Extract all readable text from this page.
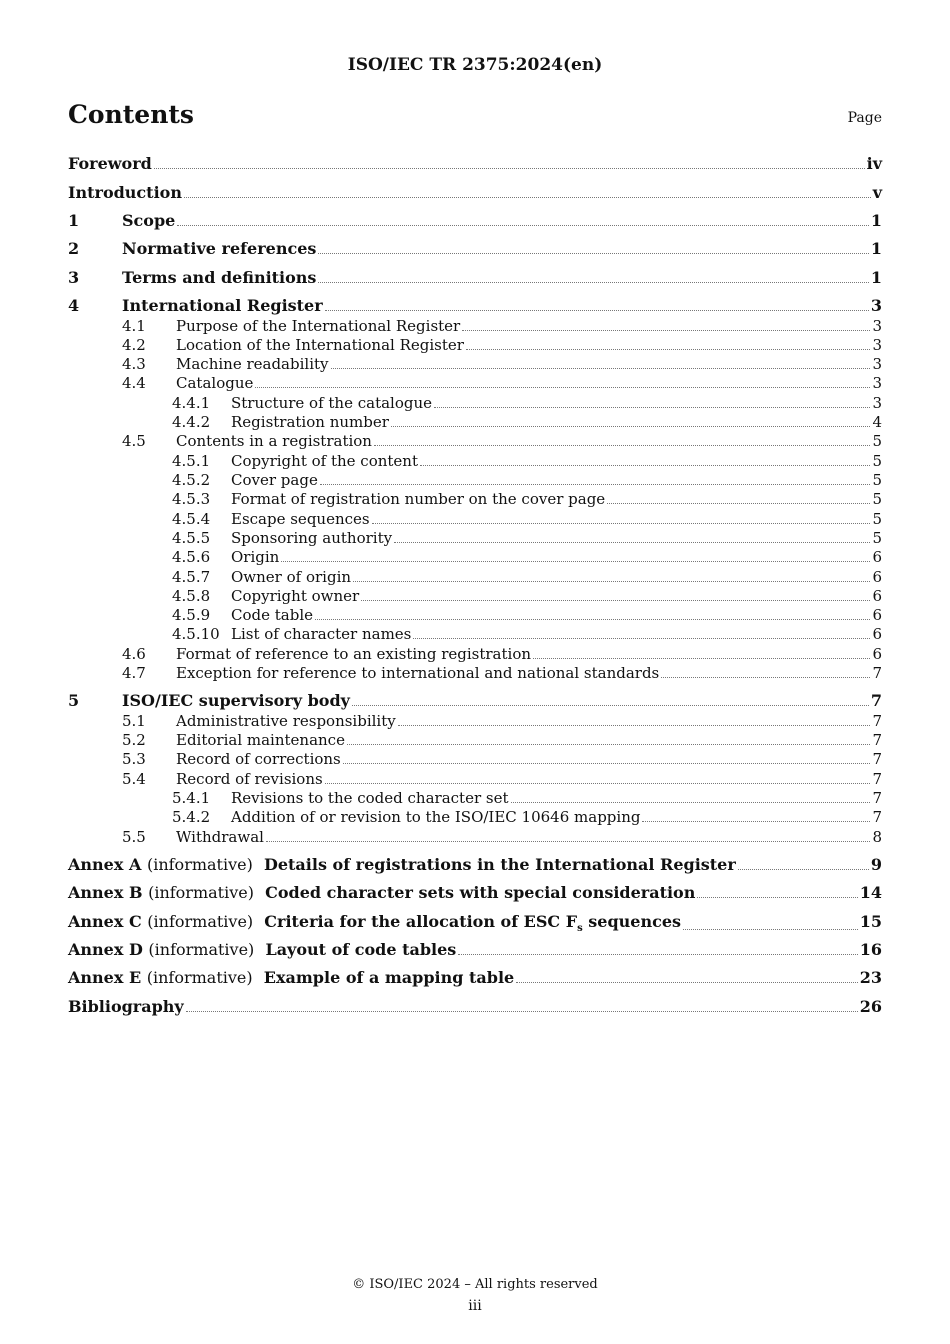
ISO/IEC TR 2375:2024(en)
Contents	Page
Foreword	iv
Introduction	v
1	Scope	1
2	Normative references	1
3	Terms and definitions	1
4	International Register	3
4.1	Purpose of the International Register	3
4.2	Location of the International Register	3
4.3	Machine readability	3
4.4	Catalogue	3
4.4.1	Structure of the catalogue	3
4.4.2	Registration number	4
4.5	Contents in a registration	5
4.5.1	Copyright of the content	5
4.5.2	Cover page	5
4.5.3	Format of registration number on the cover page	5
4.5.4	Escape sequences	5
4.5.5	Sponsoring authority	5
4.5.6	Origin	6
4.5.7	Owner of origin	6
4.5.8	Copyright owner	6
4.5.9	Code table	6
4.5.10 List of character names	6
4.6	Format of reference to an existing registration	6
4.7	Exception for reference to international and national standards	7
5	ISO/IEC supervisory body	7
5.1	Administrative responsibility	7
5.2	Editorial maintenance	7
5.3	Record of corrections	7
5.4	Record of revisions	7
5.4.1	Revisions to the coded character set	7
5.4.2	Addition of or revision to the ISO/IEC 10646 mapping	7
5.5	Withdrawal	8
Annex A (informative) Details of registrations in the International Register	9
Annex B (informative) Coded character sets with special consideration	14
Annex C (informative) Criteria for the allocation of ESC $F_s$ sequences	15
Annex D (informative) Layout of code tables	16
Annex E (informative) Example of a mapping table	23
Bibliography	26
© ISO/IEC 2024 – All rights reserved
iii
